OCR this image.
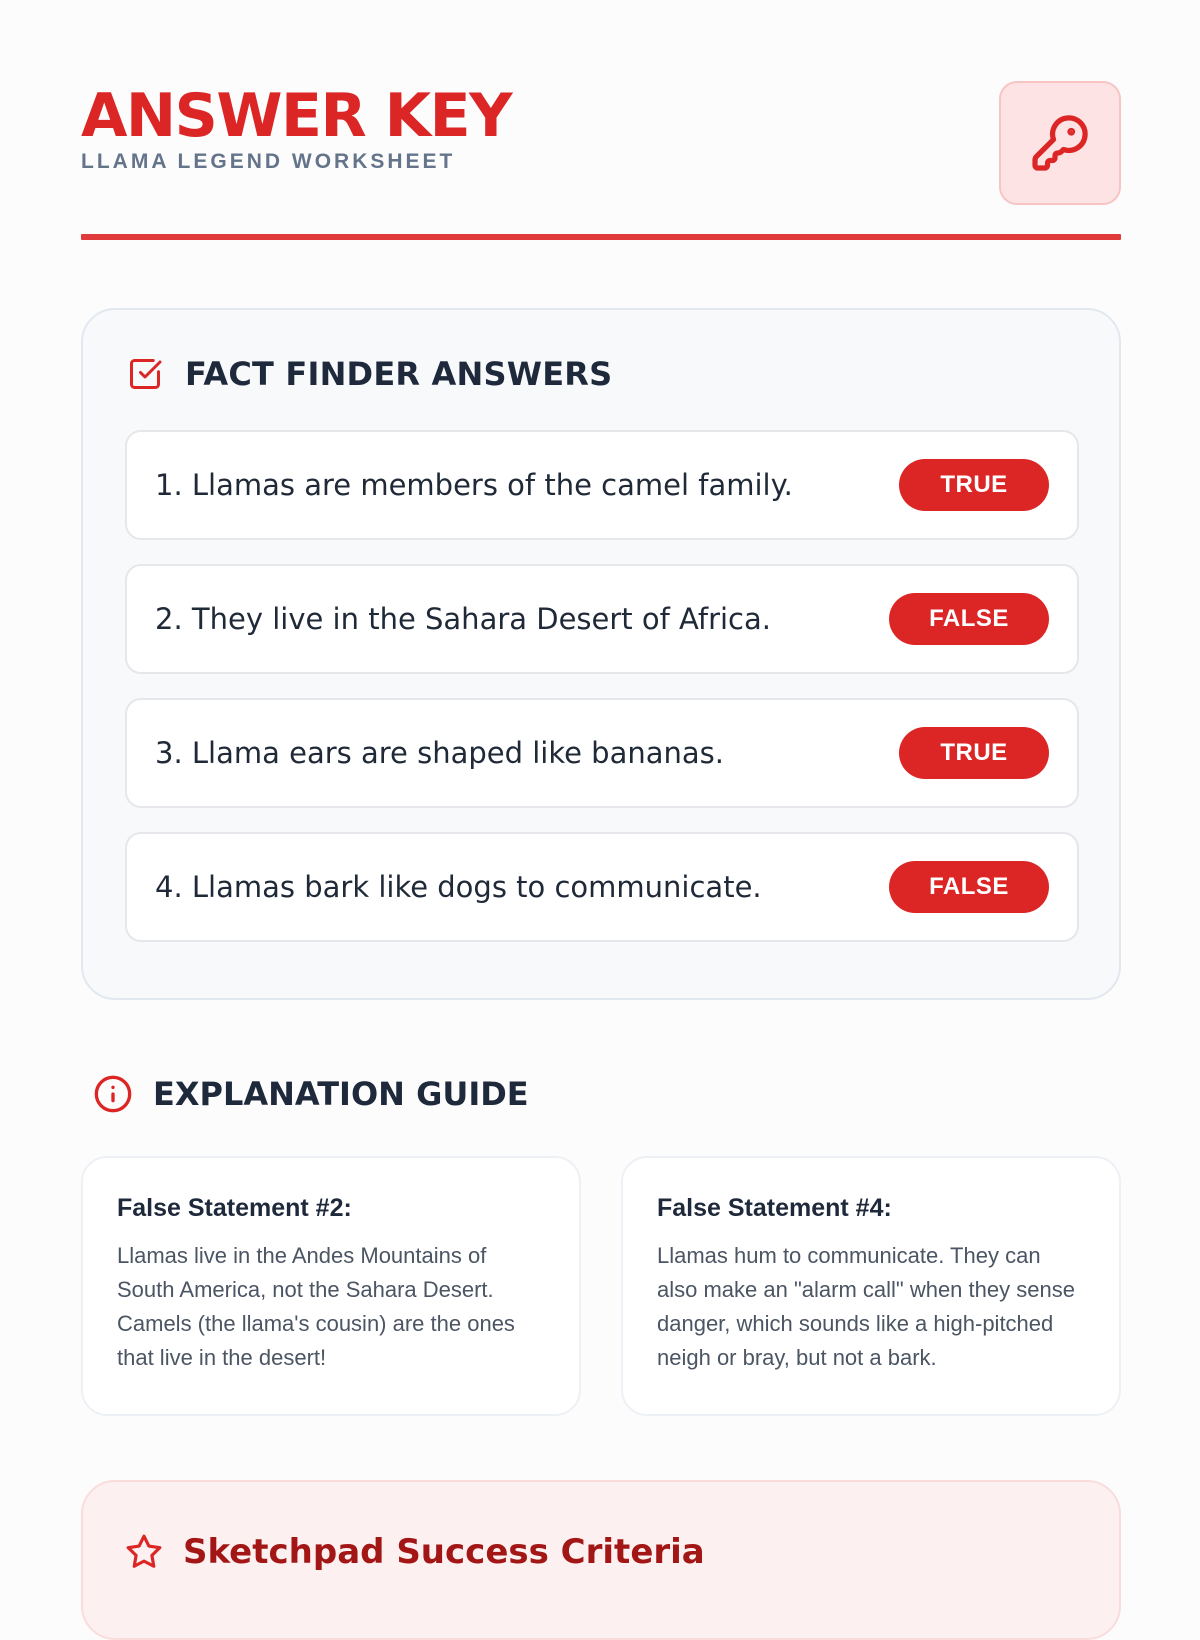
ANSWER KEY
LLAMA LEGEND WORKSHEET
FACT FINDER ANSWERS
1. Llamas are members of the camel family.	TRUE
2. They live in the Sahara Desert of Africa.	FALSE
3. Llama ears are shaped like bananas.	TRUE
4. Llamas bark like dogs to communicate.	FALSE
EXPLANATION GUIDE
False Statement #2:
Llamas live in the Andes Mountains of South America, not the Sahara Desert. Camels (the llama's cousin) are the ones that live in the desert!
False Statement #4:
Llamas hum to communicate. They can also make an "alarm call" when they sense danger, which sounds like a high-pitched neigh or bray, but not a bark.
Sketchpad Success Criteria
